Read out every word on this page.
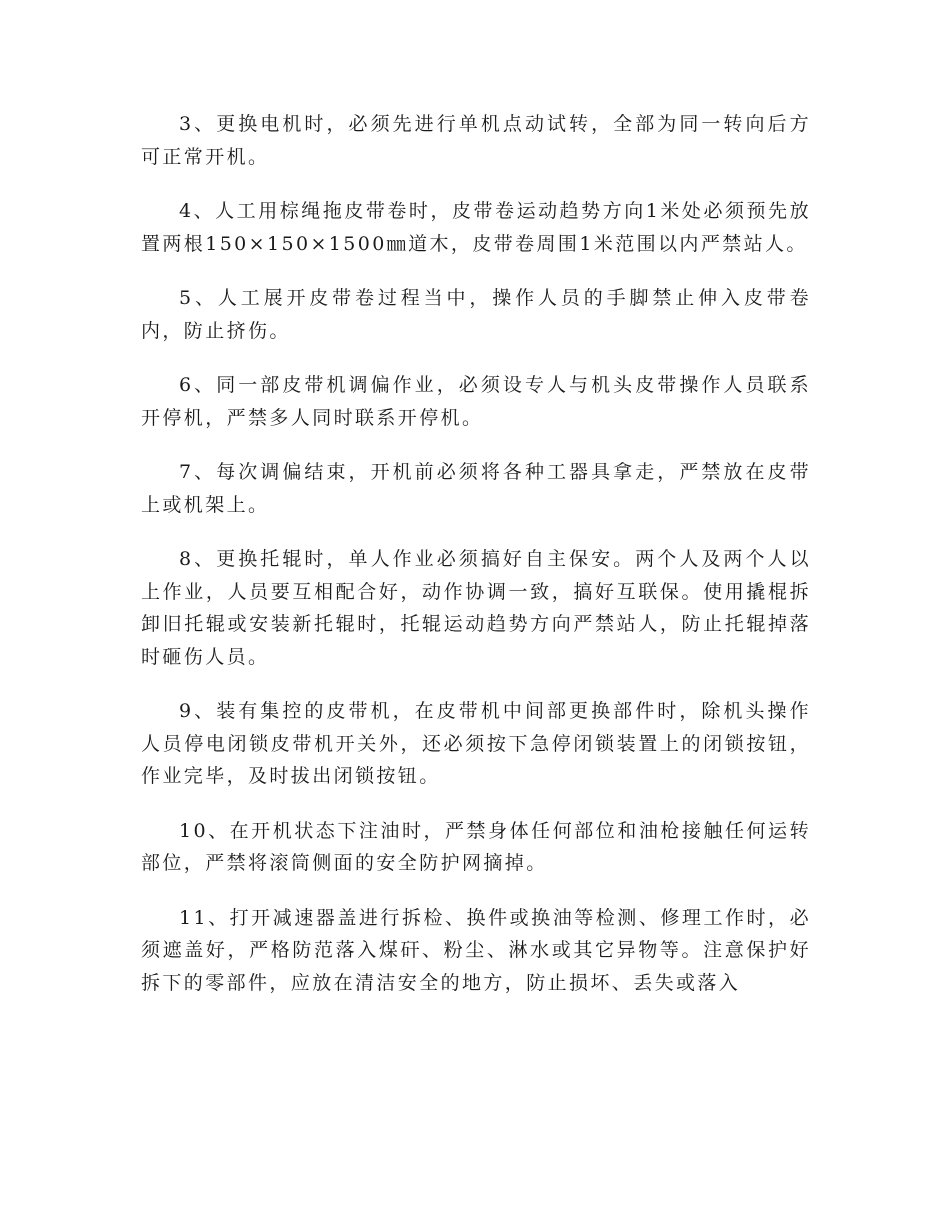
3、更换电机时，必须先进行单机点动试转，全部为同一转向后方可正常开机。

4、人工用棕绳拖皮带卷时，皮带卷运动趋势方向1米处必须预先放置两根150×150×1500㎜道木，皮带卷周围1米范围以内严禁站人。

5、人工展开皮带卷过程当中，操作人员的手脚禁止伸入皮带卷内，防止挤伤。

6、同一部皮带机调偏作业，必须设专人与机头皮带操作人员联系开停机，严禁多人同时联系开停机。

7、每次调偏结束，开机前必须将各种工器具拿走，严禁放在皮带上或机架上。

8、更换托辊时，单人作业必须搞好自主保安。两个人及两个人以上作业，人员要互相配合好，动作协调一致，搞好互联保。使用撬棍拆卸旧托辊或安装新托辊时，托辊运动趋势方向严禁站人，防止托辊掉落时砸伤人员。

9、装有集控的皮带机，在皮带机中间部更换部件时，除机头操作人员停电闭锁皮带机开关外，还必须按下急停闭锁装置上的闭锁按钮，作业完毕，及时拔出闭锁按钮。

10、在开机状态下注油时，严禁身体任何部位和油枪接触任何运转部位，严禁将滚筒侧面的安全防护网摘掉。

11、打开减速器盖进行拆检、换件或换油等检测、修理工作时，必须遮盖好，严格防范落入煤矸、粉尘、淋水或其它异物等。注意保护好拆下的零部件，应放在清洁安全的地方，防止损坏、丢失或落入
